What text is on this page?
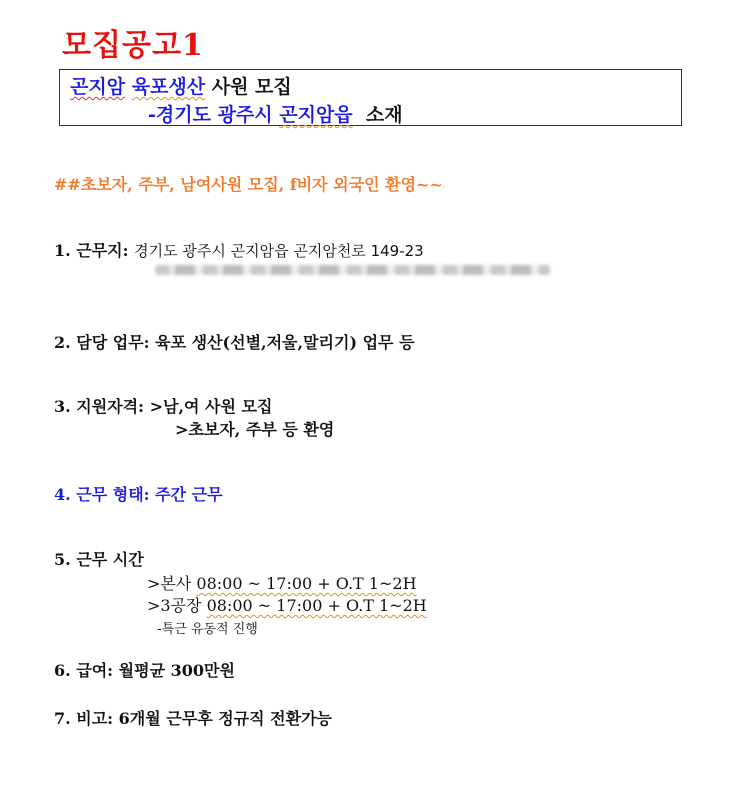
모집공고1
곤지암 육포생산 사원 모집
-경기도 광주시 곤지암읍  소재
##초보자, 주부, 남여사원 모집, f비자 외국인 환영~~
1. 근무지: 경기도 광주시 곤지암읍 곤지암천로 149-23
2. 담당 업무: 육포 생산(선별,저울,말리기) 업무 등
3. 지원자격: >남,여 사원 모집
>초보자, 주부 등 환영
4. 근무 형태: 주간 근무
5. 근무 시간
>본사 08:00 ~ 17:00 + O.T 1~2H
>3공장 08:00 ~ 17:00 + O.T 1~2H
-특근 유동적 진행
6. 급여: 월평균 300만원
7. 비고: 6개월 근무후 정규직 전환가능
